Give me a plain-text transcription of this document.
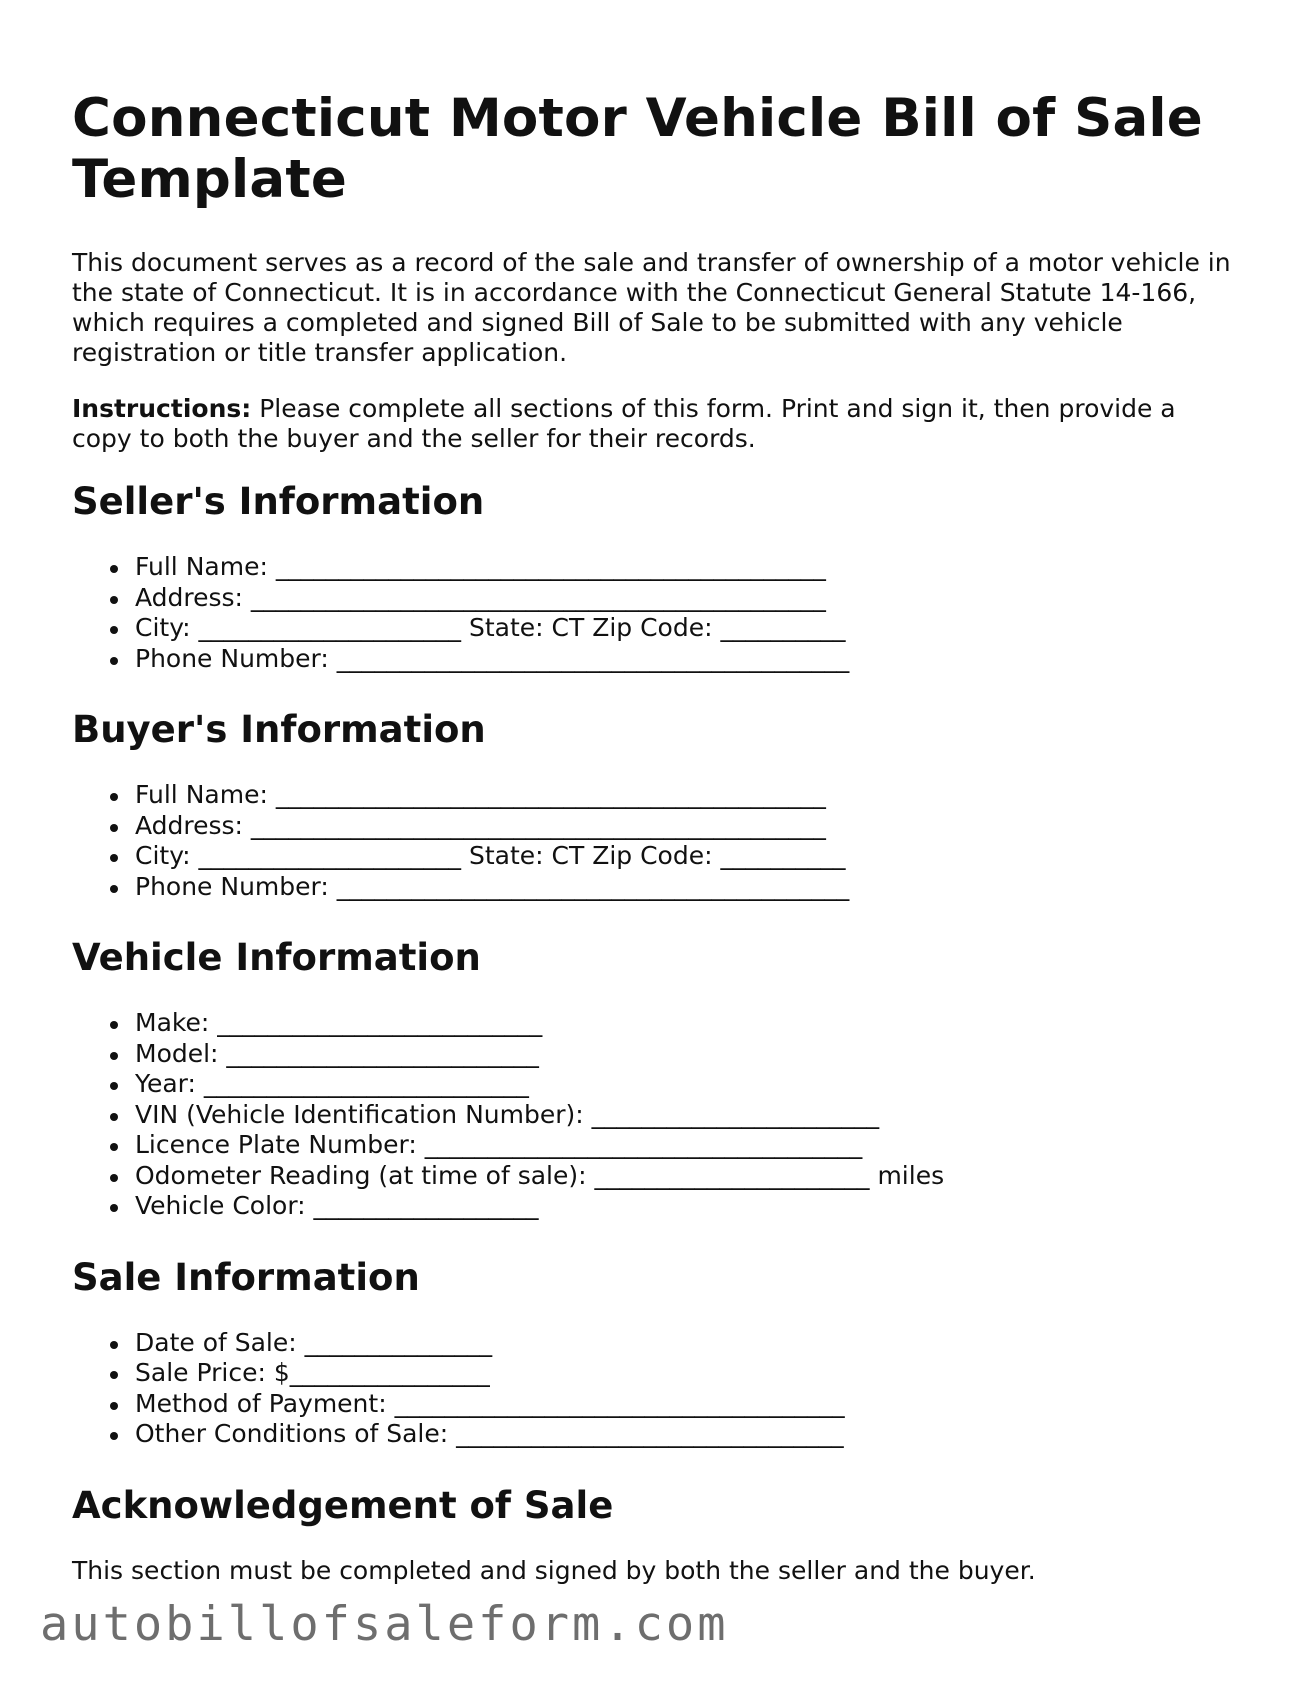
Connecticut Motor Vehicle Bill of Sale Template

This document serves as a record of the sale and transfer of ownership of a motor vehicle in the state of Connecticut. It is in accordance with the Connecticut General Statute 14-166, which requires a completed and signed Bill of Sale to be submitted with any vehicle registration or title transfer application.

Instructions: Please complete all sections of this form. Print and sign it, then provide a copy to both the buyer and the seller for their records.

Seller's Information
Full Name: ____________________________________________
Address: ______________________________________________
City: _____________________ State: CT Zip Code: __________
Phone Number: _________________________________________
Buyer's Information
Full Name: ____________________________________________
Address: ______________________________________________
City: _____________________ State: CT Zip Code: __________
Phone Number: _________________________________________
Vehicle Information
Make: __________________________
Model: _________________________
Year: __________________________
VIN (Vehicle Identification Number): _______________________
Licence Plate Number: ___________________________________
Odometer Reading (at time of sale): ______________________ miles
Vehicle Color: __________________
Sale Information
Date of Sale: _______________
Sale Price: $________________
Method of Payment: ____________________________________
Other Conditions of Sale: _______________________________
Acknowledgement of Sale

This section must be completed and signed by both the seller and the buyer.

autobillofsaleform.com
